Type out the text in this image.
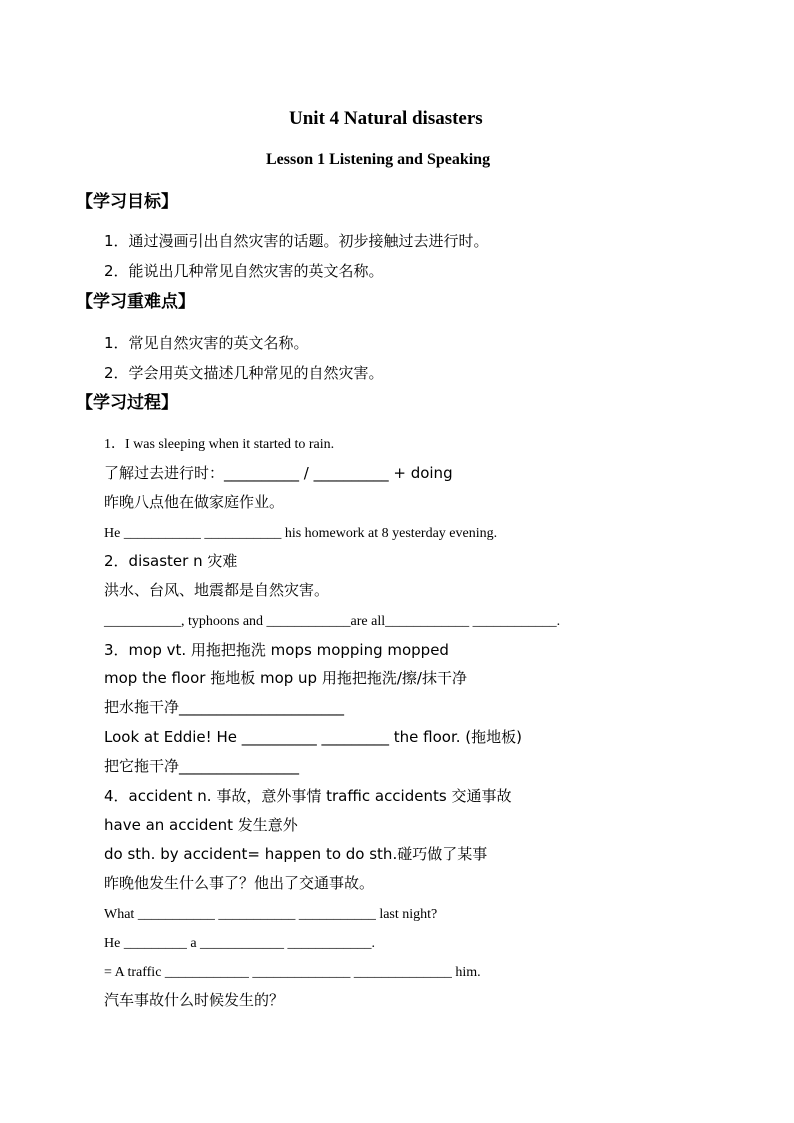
Unit 4 Natural disasters
Lesson 1 Listening and Speaking
【学习目标】
1．通过漫画引出自然灾害的话题。初步接触过去进行时。
2．能说出几种常见自然灾害的英文名称。
【学习重难点】
1．常见自然灾害的英文名称。
2．学会用英文描述几种常见的自然灾害。
【学习过程】
1．I was sleeping when it started to rain.
了解过去进行时：__________ / __________ + doing
昨晚八点他在做家庭作业。
He ___________ ___________ his homework at 8 yesterday evening.
2．disaster n 灾难
洪水、台风、地震都是自然灾害。
___________, typhoons and ____________are all____________ ____________.
3．mop vt. 用拖把拖洗 mops mopping mopped
mop the floor 拖地板 mop up 用拖把拖洗/擦/抹干净
把水拖干净______________________
Look at Eddie! He __________ _________ the floor. (拖地板)
把它拖干净________________
4．accident n. 事故，意外事情 traffic accidents 交通事故
have an accident 发生意外
do sth. by accident= happen to do sth.碰巧做了某事
昨晚他发生什么事了？他出了交通事故。
What ___________ ___________ ___________ last night?
He _________ a ____________ ____________.
= A traffic ____________ ______________ ______________ him.
汽车事故什么时候发生的？
